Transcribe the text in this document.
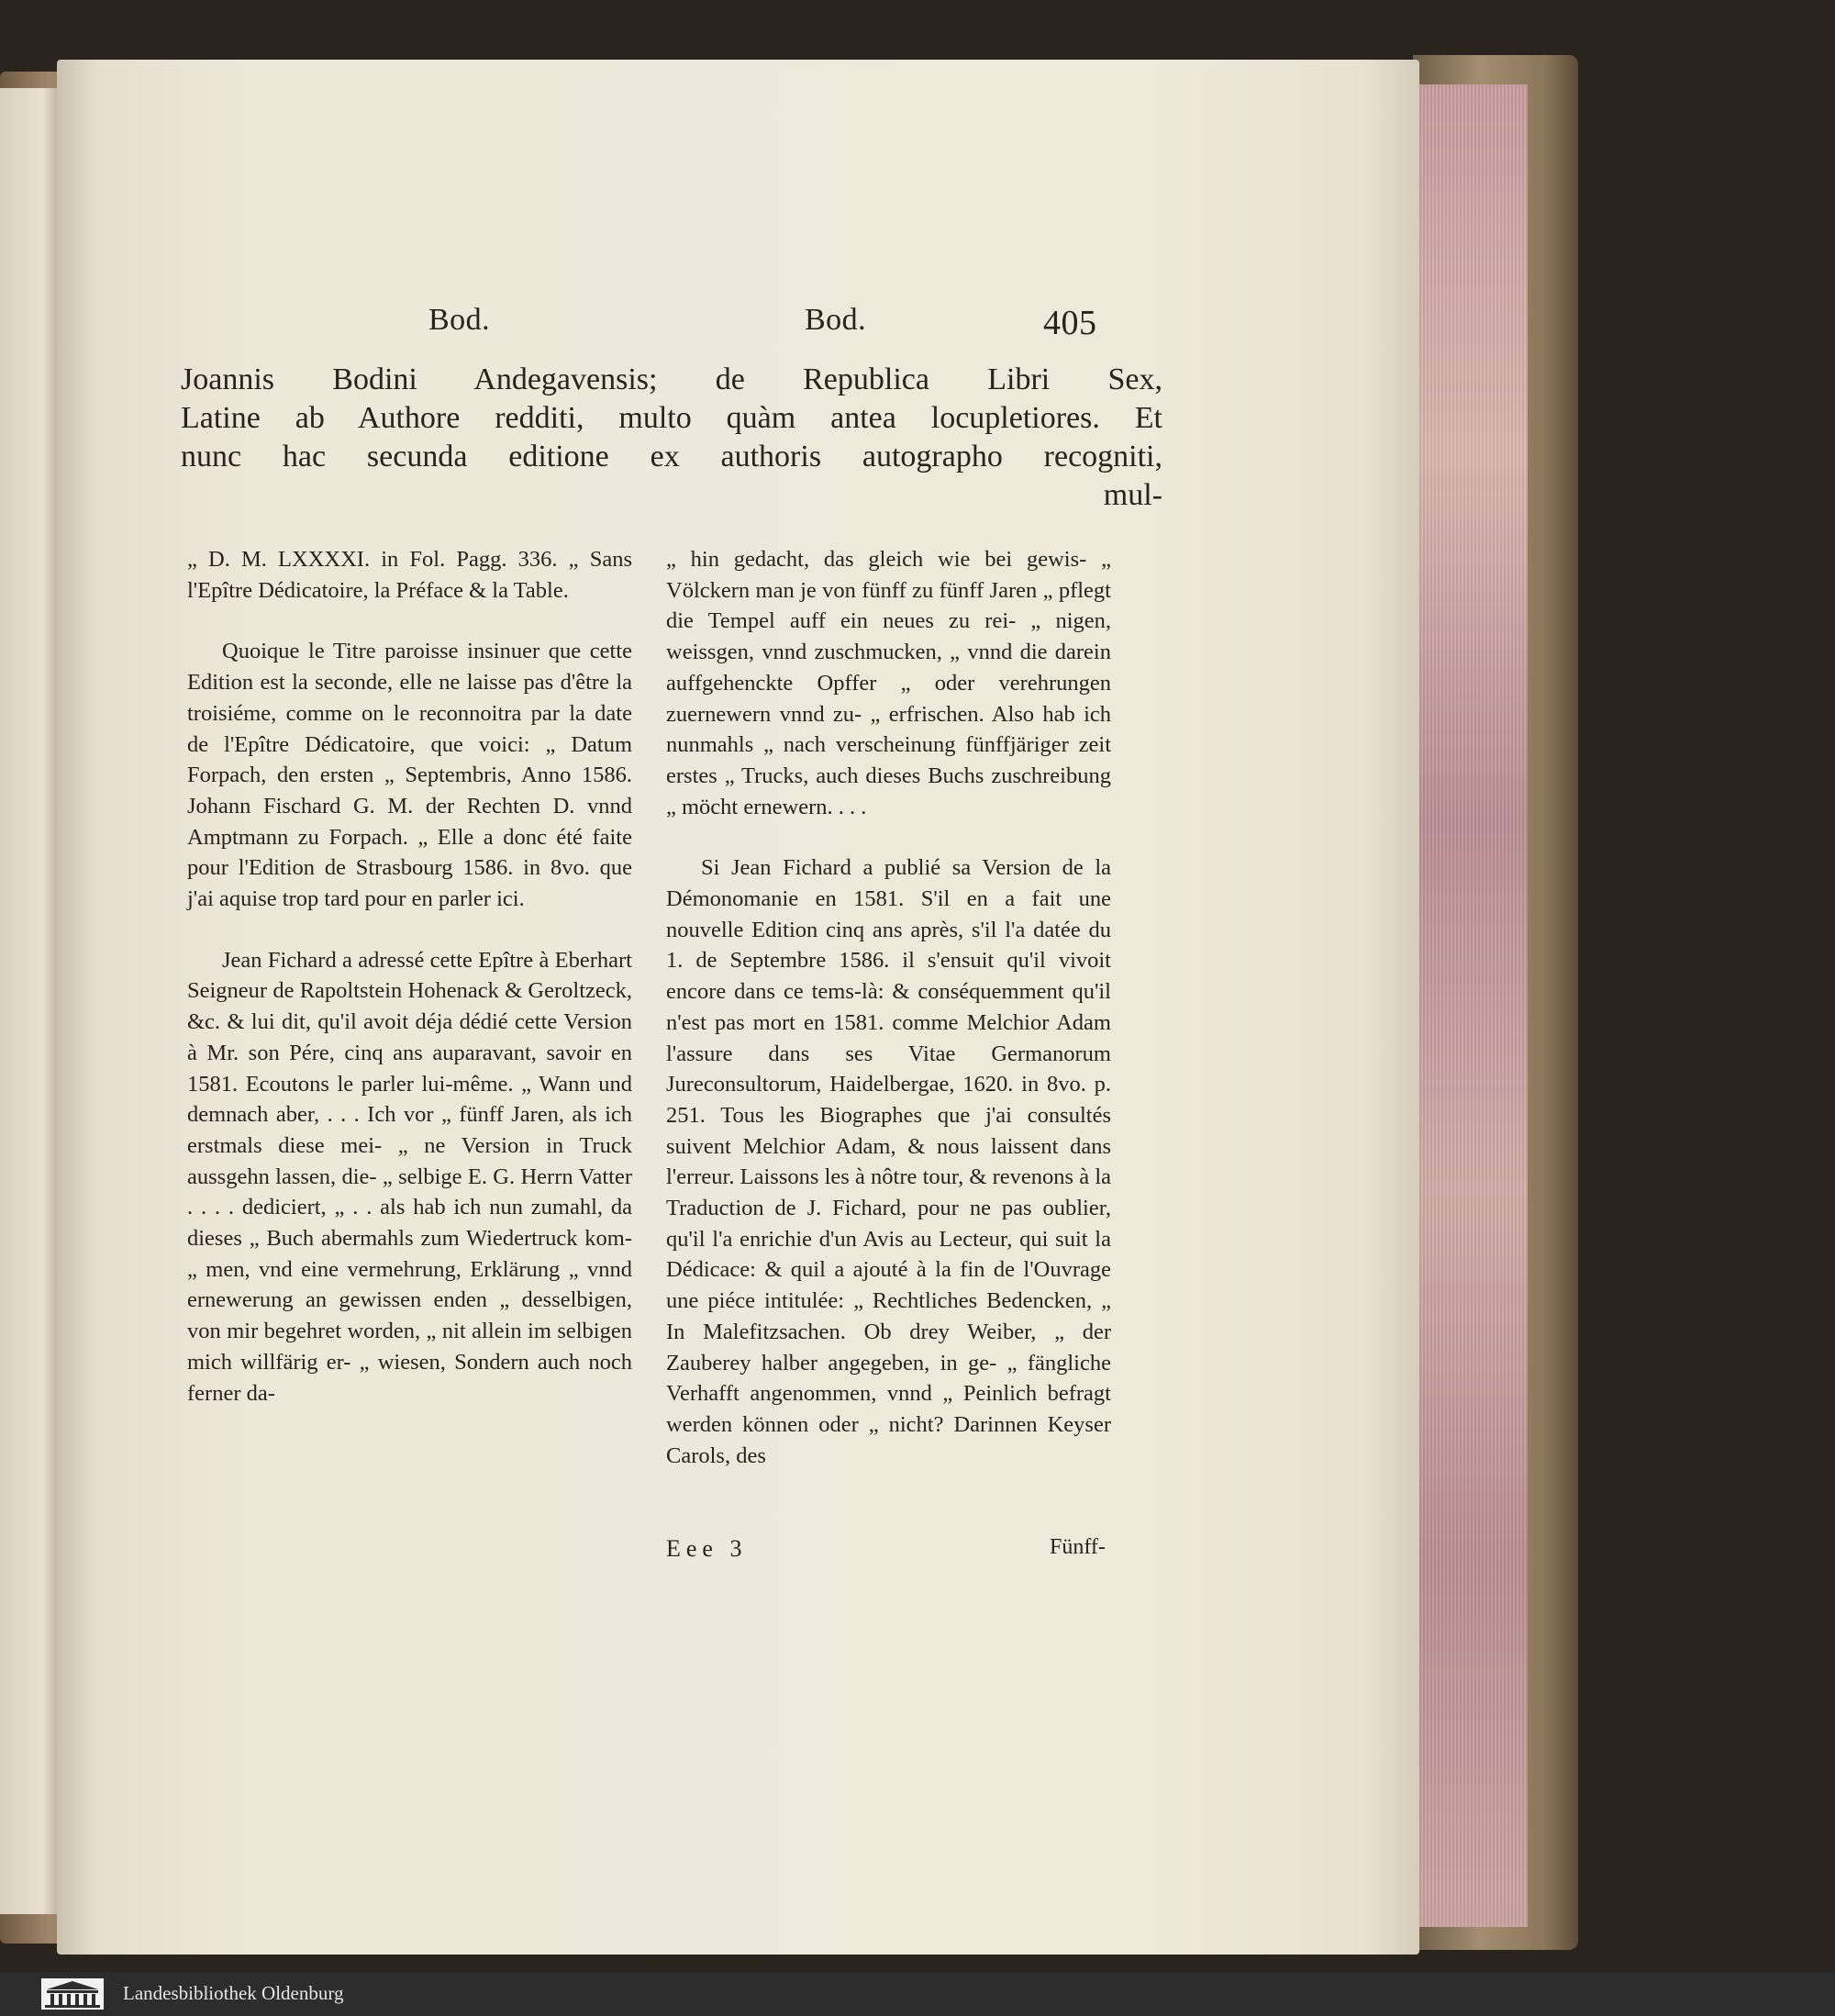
Bod.	Bod.	405
Joannis Bodini Andegavensis; de Republica Libri Sex,
Latine ab Authore redditi, multo quàm antea locupletiores. Et
nunc hac secunda editione ex authoris autographo recogniti,
mul-

„ D. M. LXXXXI. in Fol. Pagg. 336. „ Sans l'Epître Dédicatoire, la Préface & la Table.

Quoique le Titre paroisse insinuer que cette Edition est la seconde, elle ne laisse pas d'être la troisiéme, comme on le reconnoitra par la date de l'Epître Dédicatoire, que voici: „ Datum Forpach, den ersten „ Septembris, Anno 1586. Johann Fischard G. M. der Rechten D. vnnd Amptmann zu Forpach. „ Elle a donc été faite pour l'Edition de Strasbourg 1586. in 8vo. que j'ai aquise trop tard pour en parler ici.

Jean Fichard a adressé cette Epître à Eberhart Seigneur de Rapoltstein Hohenack & Geroltzeck, &c. & lui dit, qu'il avoit déja dédié cette Version à Mr. son Pére, cinq ans auparavant, savoir en 1581. Ecoutons le parler lui-même. „ Wann und demnach aber, . . . Ich vor „ fünff Jaren, als ich erstmals diese mei- „ ne Version in Truck aussgehn lassen, die- „ selbige E. G. Herrn Vatter . . . . dediciert, „ . . als hab ich nun zumahl, da dieses „ Buch abermahls zum Wiedertruck kom- „ men, vnd eine vermehrung, Erklärung „ vnnd ernewerung an gewissen enden „ desselbigen, von mir begehret worden, „ nit allein im selbigen mich willfärig er- „ wiesen, Sondern auch noch ferner da-

„ hin gedacht, das gleich wie bei gewis- „ Völckern man je von fünff zu fünff Jaren „ pflegt die Tempel auff ein neues zu rei- „ nigen, weissgen, vnnd zuschmucken, „ vnnd die darein auffgehenckte Opffer „ oder verehrungen zuernewern vnnd zu- „ erfrischen. Also hab ich nunmahls „ nach verscheinung fünffjäriger zeit erstes „ Trucks, auch dieses Buchs zuschreibung „ möcht ernewern. . . .

Si Jean Fichard a publié sa Version de la Démonomanie en 1581. S'il en a fait une nouvelle Edition cinq ans après, s'il l'a datée du 1. de Septembre 1586. il s'ensuit qu'il vivoit encore dans ce tems-là: & conséquemment qu'il n'est pas mort en 1581. comme Melchior Adam l'assure dans ses Vitae Germanorum Jureconsultorum, Haidelbergae, 1620. in 8vo. p. 251. Tous les Biographes que j'ai consultés suivent Melchior Adam, & nous laissent dans l'erreur. Laissons les à nôtre tour, & revenons à la Traduction de J. Fichard, pour ne pas oublier, qu'il l'a enrichie d'un Avis au Lecteur, qui suit la Dédicace: & quil a ajouté à la fin de l'Ouvrage une piéce intitulée: „ Rechtliches Bedencken, „ In Malefitzsachen. Ob drey Weiber, „ der Zauberey halber angegeben, in ge- „ fängliche Verhafft angenommen, vnnd „ Peinlich befragt werden können oder „ nicht? Darinnen Keyser Carols, des

Eee 3	Fünff-
Landesbibliothek Oldenburg
